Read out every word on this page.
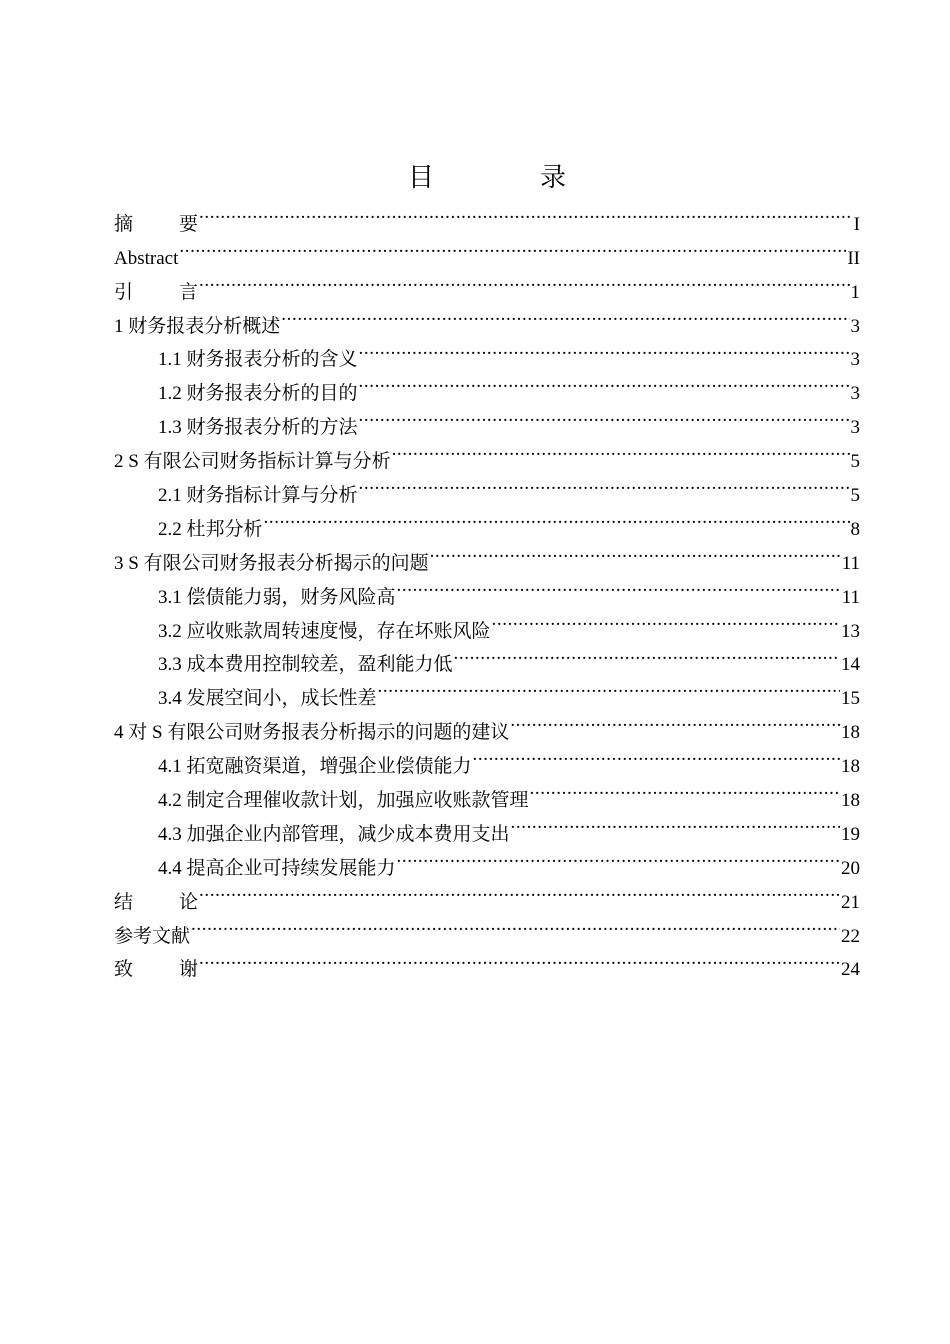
目　录
摘要 .....	I
Abstract .....	II
引言 .....	1
1 财务报表分析概述 .....	3
1.1 财务报表分析的含义 .....	3
1.2 财务报表分析的目的 .....	3
1.3 财务报表分析的方法 .....	3
2 S 有限公司财务指标计算与分析 .....	5
2.1 财务指标计算与分析 .....	5
2.2 杜邦分析 .....	8
3 S 有限公司财务报表分析揭示的问题 .....	11
3.1 偿债能力弱，财务风险高 .....	11
3.2 应收账款周转速度慢，存在坏账风险 .....	13
3.3 成本费用控制较差，盈利能力低 .....	14
3.4 发展空间小，成长性差 .....	15
4 对 S 有限公司财务报表分析揭示的问题的建议 .....	18
4.1 拓宽融资渠道，增强企业偿债能力 .....	18
4.2 制定合理催收款计划，加强应收账款管理 .....	18
4.3 加强企业内部管理，减少成本费用支出 .....	19
4.4 提高企业可持续发展能力 .....	20
结论 .....	21
参考文献 .....	22
致谢 .....	24
